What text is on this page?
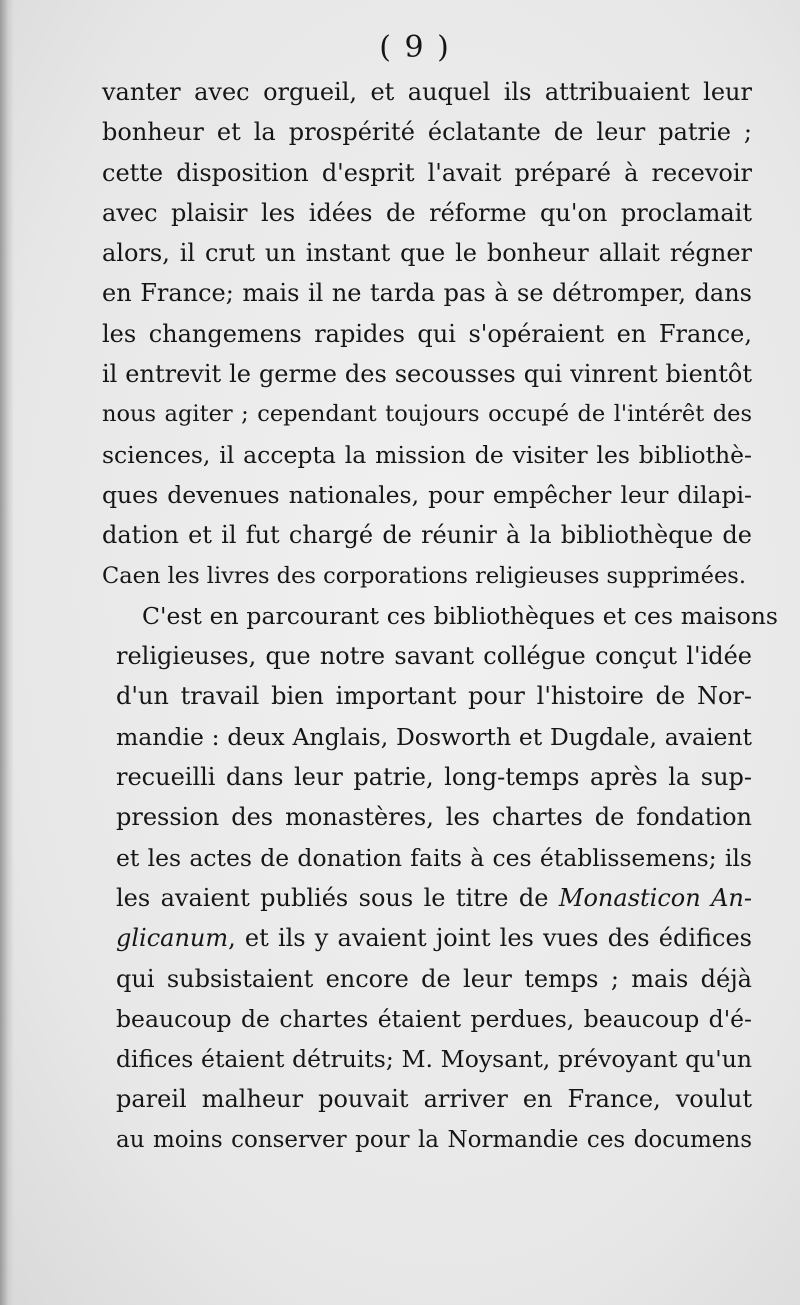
( 9 )
vanter avec orgueil, et auquel ils attribuaient leur
bonheur et la prospérité éclatante de leur patrie ;
cette disposition d'esprit l'avait préparé à recevoir
avec plaisir les idées de réforme qu'on proclamait
alors, il crut un instant que le bonheur allait régner
en France; mais il ne tarda pas à se détromper, dans
les changemens rapides qui s'opéraient en France,
il entrevit le germe des secousses qui vinrent bientôt
nous agiter ; cependant toujours occupé de l'intérêt des
sciences, il accepta la mission de visiter les bibliothè-
ques devenues nationales, pour empêcher leur dilapi-
dation et il fut chargé de réunir à la bibliothèque de
Caen les livres des corporations religieuses supprimées.
C'est en parcourant ces bibliothèques et ces maisons
religieuses, que notre savant collégue conçut l'idée
d'un travail bien important pour l'histoire de Nor-
mandie : deux Anglais, Dosworth et Dugdale, avaient
recueilli dans leur patrie, long-temps après la sup-
pression des monastères, les chartes de fondation
et les actes de donation faits à ces établissemens; ils
les avaient publiés sous le titre de Monasticon An-
glicanum, et ils y avaient joint les vues des édifices
qui subsistaient encore de leur temps ; mais déjà
beaucoup de chartes étaient perdues, beaucoup d'é-
difices étaient détruits; M. Moysant, prévoyant qu'un
pareil malheur pouvait arriver en France, voulut
au moins conserver pour la Normandie ces documens
